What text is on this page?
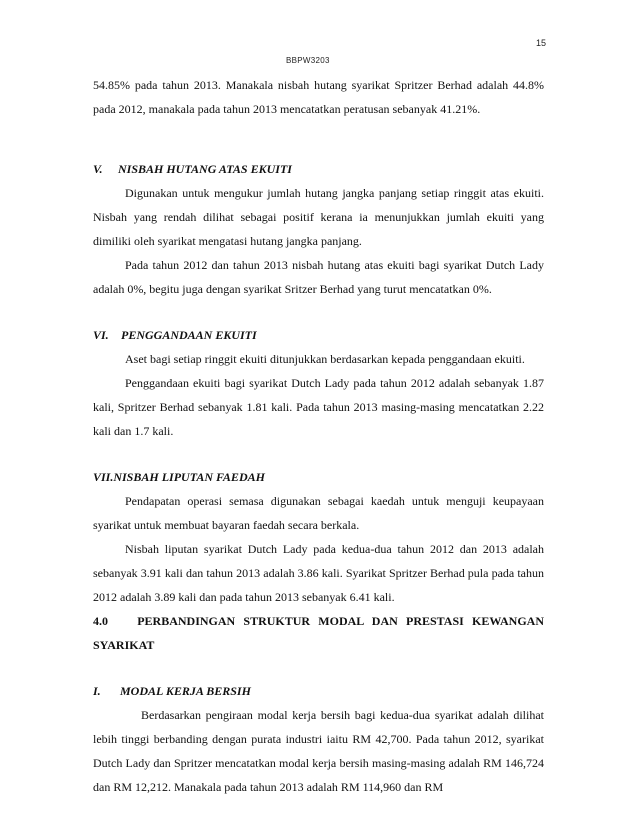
15
BBPW3203

54.85% pada tahun 2013. Manakala nisbah hutang syarikat Spritzer Berhad adalah 44.8% pada 2012, manakala pada tahun 2013 mencatatkan peratusan sebanyak 41.21%.

V. NISBAH HUTANG ATAS EKUITI

Digunakan untuk mengukur jumlah hutang jangka panjang setiap ringgit atas ekuiti. Nisbah yang rendah dilihat sebagai positif kerana ia menunjukkan jumlah ekuiti yang dimiliki oleh syarikat mengatasi hutang jangka panjang.

Pada tahun 2012 dan tahun 2013 nisbah hutang atas ekuiti bagi syarikat Dutch Lady adalah 0%, begitu juga dengan syarikat Sritzer Berhad yang turut mencatatkan 0%.

VI. PENGGANDAAN EKUITI

Aset bagi setiap ringgit ekuiti ditunjukkan berdasarkan kepada penggandaan ekuiti.

Penggandaan ekuiti bagi syarikat Dutch Lady pada tahun 2012 adalah sebanyak 1.87 kali, Spritzer Berhad sebanyak 1.81 kali. Pada tahun 2013 masing-masing mencatatkan 2.22 kali dan 1.7 kali.

VII.NISBAH LIPUTAN FAEDAH

Pendapatan operasi semasa digunakan sebagai kaedah untuk menguji keupayaan syarikat untuk membuat bayaran faedah secara berkala.

Nisbah liputan syarikat Dutch Lady pada kedua-dua tahun 2012 dan 2013 adalah sebanyak 3.91 kali dan tahun 2013 adalah 3.86 kali. Syarikat Spritzer Berhad pula pada tahun 2012 adalah 3.89 kali dan pada tahun 2013 sebanyak 6.41 kali.

4.0 PERBANDINGAN STRUKTUR MODAL DAN PRESTASI KEWANGAN SYARIKAT
I. MODAL KERJA BERSIH

Berdasarkan pengiraan modal kerja bersih bagi kedua-dua syarikat adalah dilihat lebih tinggi berbanding dengan purata industri iaitu RM 42,700. Pada tahun 2012, syarikat Dutch Lady dan Spritzer mencatatkan modal kerja bersih masing-masing adalah RM 146,724 dan RM 12,212. Manakala pada tahun 2013 adalah RM 114,960 dan RM
